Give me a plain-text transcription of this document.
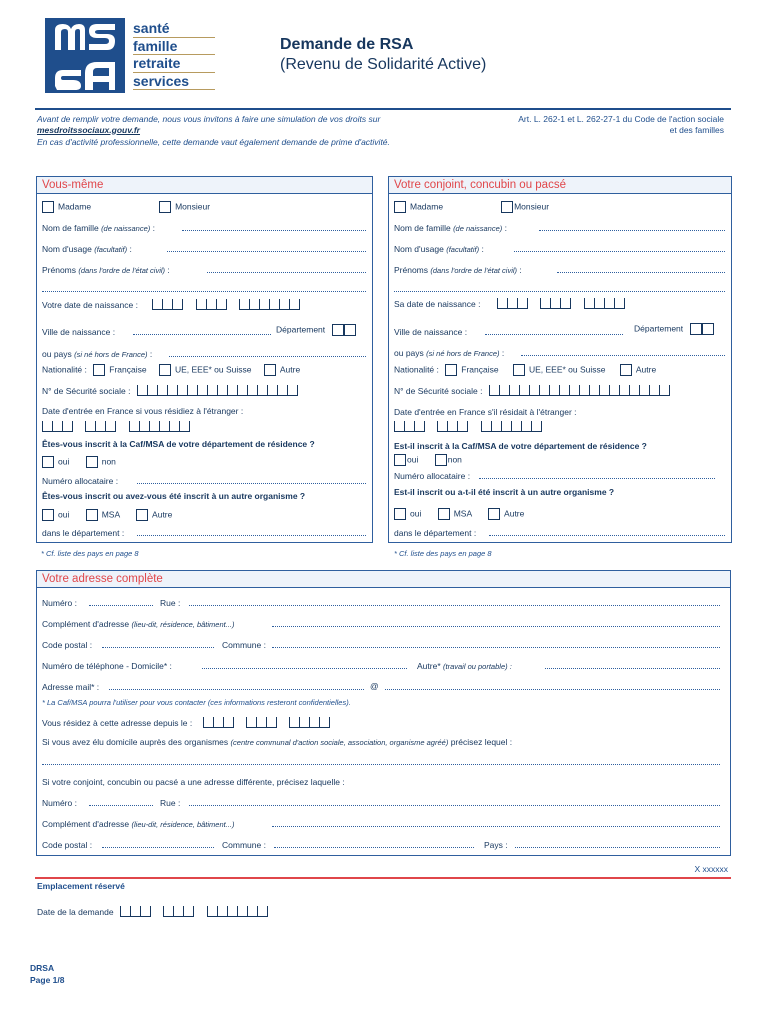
santé
famille
retraite
services
Demande de RSA
(Revenu de Solidarité Active)
Avant de remplir votre demande, nous vous invitons à faire une simulation de vos droits sur mesdroitssociaux.gouv.fr
En cas d'activité professionnelle, cette demande vaut également demande de prime d'activité.
Art. L. 262-1 et L. 262-27-1 du Code de l'action sociale
et des familles
Vous-même
Madame	Monsieur
Nom de famille (de naissance) :
Nom d'usage (facultatif) :
Prénoms (dans l'ordre de l'état civil) :
Votre date de naissance :
Ville de naissance :	Département
ou pays (si né hors de France) :
Nationalité :	Française	UE, EEE* ou Suisse	Autre
N° de Sécurité sociale :
Date d'entrée en France si vous résidiez à l'étranger :

Êtes-vous inscrit à la Caf/MSA de votre département de résidence ?
oui	non
Numéro allocataire :
Êtes-vous inscrit ou avez-vous été inscrit à un autre organisme ?
oui	MSA	Autre
dans le département :
* Cf. liste des pays en page 8
Votre conjoint, concubin ou pacsé
Madame	Monsieur
Nom de famille (de naissance) :
Nom d'usage (facultatif) :
Prénoms (dans l'ordre de l'état civil) :
Sa date de naissance :
Ville de naissance :	Département
ou pays (si né hors de France) :
Nationalité :	Française	UE, EEE* ou Suisse	Autre
N° de Sécurité sociale :
Date d'entrée en France s'il résidait à l'étranger :

Est-il inscrit à la Caf/MSA de votre département de résidence ?
oui	non
Numéro allocataire :
Est-il inscrit ou a-t-il été inscrit à un autre organisme ?
oui	MSA	Autre
dans le département :
* Cf. liste des pays en page 8
Votre adresse complète
Numéro :	Rue :
Complément d'adresse (lieu-dit, résidence, bâtiment...)
Code postal :	Commune :
Numéro de téléphone - Domicile* :	Autre* (travail ou portable) :
Adresse mail* :	@
* La Caf/MSA pourra l'utiliser pour vous contacter (ces informations resteront confidentielles).
Vous résidez à cette adresse depuis le :
Si vous avez élu domicile auprès des organismes (centre communal d'action sociale, association, organisme agréé) précisez lequel :
Si votre conjoint, concubin ou pacsé a une adresse différente, précisez laquelle :
Numéro :	Rue :
Complément d'adresse (lieu-dit, résidence, bâtiment...)
Code postal :	Commune :	Pays :
X xxxxxx
Emplacement réservé
Date de la demande
DRSA
Page 1/8
